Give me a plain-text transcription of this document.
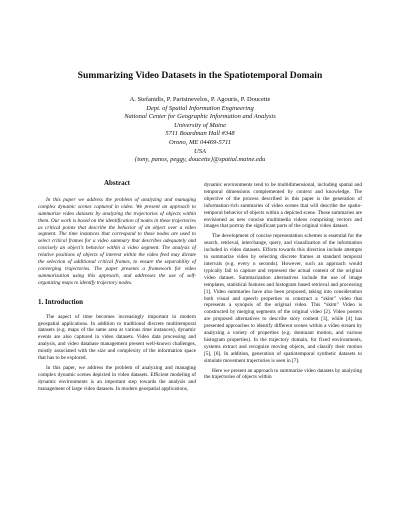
Summarizing Video Datasets in the Spatiotemporal Domain
A. Stefanidis, P. Partsinevelos, P. Agouris, P. Doucette
Dept. of Spatial Information Engineering
National Center for Geographic Information and Analysis
University of Maine
5711 Boardman Hall #348
Orono, ME 04469-5711
USA
{tony, panos, peggy, doucette}@spatial.maine.edu

Abstract

In this paper we address the problem of analyzing and managing complex dynamic scenes captured in video. We present an approach to summarize video datasets by analyzing the trajectories of objects within them. Our work is based on the identification of nodes in these trajectories as critical points that describe the behavior of an object over a video segment. The time instances that correspond to these nodes are used to select critical frames for a video summary that describes adequately and concisely an object’s behavior within a video segment. The analysis of relative positions of objects of interest within the video feed may dictate the selection of additional critical frames, to ensure the separability of converging trajectories. The paper presents a framework for video summarization using this approach, and addresses the use of self-organizing maps to identify trajectory nodes.

1. Introduction

The aspect of time becomes increasingly important in modern geospatial applications. In addition to traditional discrete multitemporal datasets (e.g. maps of the same area at various time instances), dynamic events are also captured in video datasets. Video data processing and analysis, and video database management present well-known challenges, mostly associated with the size and complexity of the information space that has to be explored.

In this paper, we address the problem of analyzing and managing complex dynamic scenes depicted in video datasets. Efficient modeling of dynamic environments is an important step towards the analysis and management of large video datasets. In modern geospatial applications,

dynamic environments tend to be multidimensional, including spatial and temporal dimensions complemented by context and knowledge. The objective of the process described in this paper is the generation of information-rich summaries of video scenes that will describe the spatio-temporal behavior of objects within a depicted scene. These summaries are envisioned as new concise multimedia videos comprising vectors and images that portray the significant parts of the original video dataset.

The development of concise representation schemes is essential for the search, retrieval, interchange, query, and visualization of the information included in video datasets. Efforts towards this direction include attempts to summarize video by selecting discrete frames at standard temporal intervals (e.g. every n seconds). However, such an approach would typically fail to capture and represent the actual content of the original video dataset. Summarization alternatives include the use of image templates, statistical features and histogram based retrieval and processing [1]. Video summaries have also been proposed, taking into consideration both visual and speech properties to construct a “skim” video that represents a synopsis of the original video. This “skim” Video is constructed by merging segments of the original video [2]. Video posters are proposed alternatives to describe story content [3], while [4] has presented approaches to identify different scenes within a video stream by analyzing a variety of properties (e.g. dominant motion, and various histogram properties). In the trajectory domain, for fixed environments, systems extract and recognize moving objects, and classify their motion [5], [6]. In addition, generation of spatiotemporal synthetic datasets to simulate movement trajectories is seen in [7].

Here we present an approach to summarize video datasets by analyzing the trajectories of objects within
